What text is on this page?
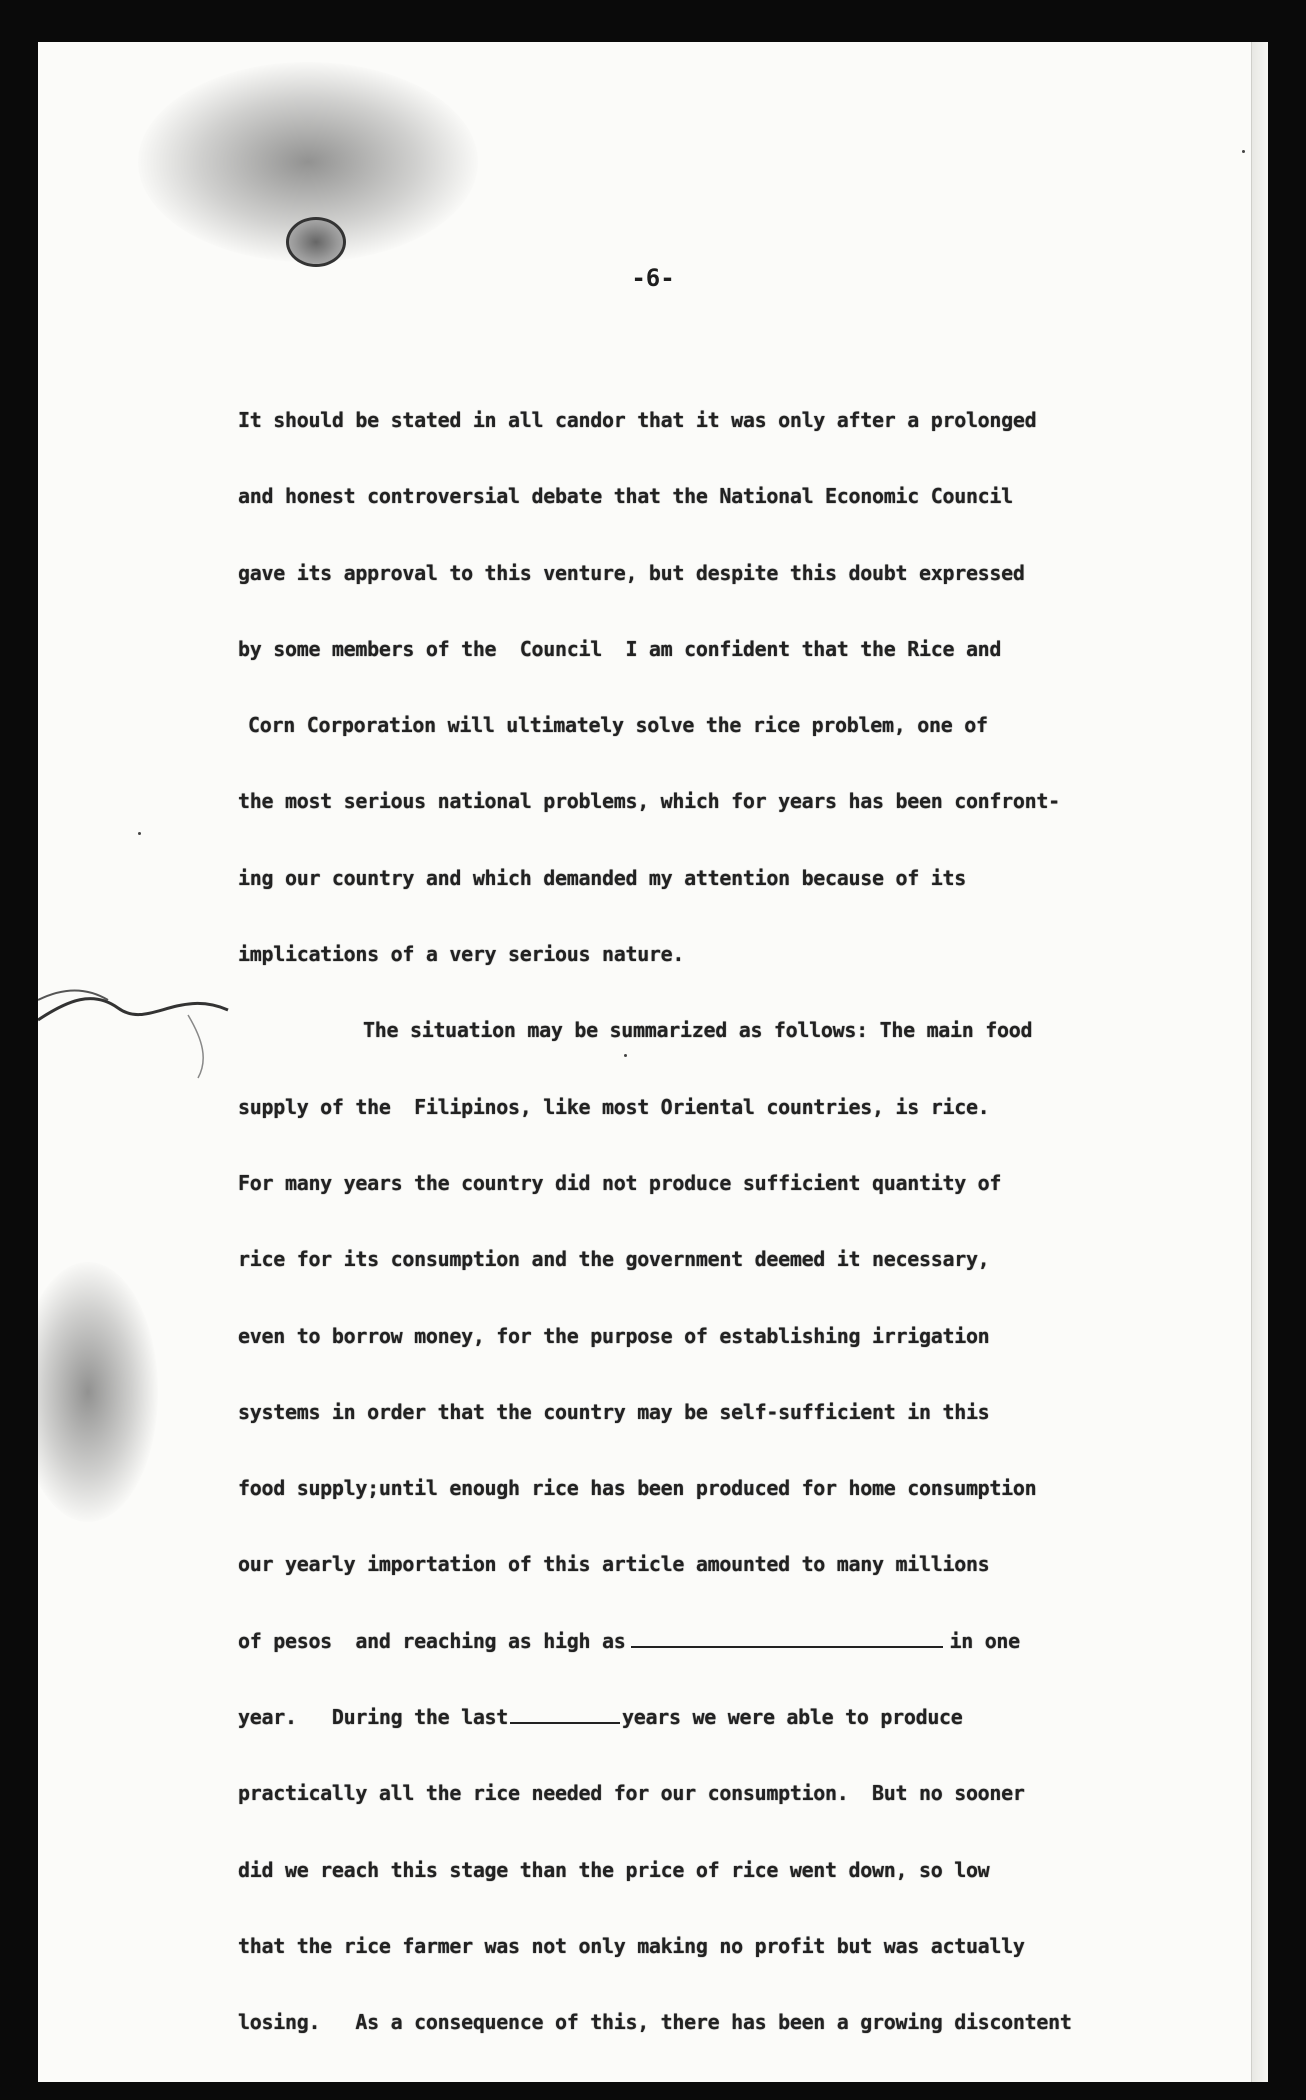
-6-
It should be stated in all candor that it was only after a prolonged
and honest controversial debate that the National Economic Council
gave its approval to this venture, but despite this doubt expressed
by some members of the  Council  I am confident that the Rice and
Corn Corporation will ultimately solve the rice problem, one of
the most serious national problems, which for years has been confront-
ing our country and which demanded my attention because of its
implications of a very serious nature.
The situation may be summarized as follows: The main food
supply of the  Filipinos, like most Oriental countries, is rice.
For many years the country did not produce sufficient quantity of
rice for its consumption and the government deemed it necessary,
even to borrow money, for the purpose of establishing irrigation
systems in order that the country may be self-sufficient in this
food supply;until enough rice has been produced for home consumption
our yearly importation of this article amounted to many millions
of pesos  and reaching as high as	in one
year.   During the last	years we were able to produce
practically all the rice needed for our consumption.  But no sooner
did we reach this stage than the price of rice went down, so low
that the rice farmer was not only making no profit but was actually
losing.   As a consequence of this, there has been a growing discontent
